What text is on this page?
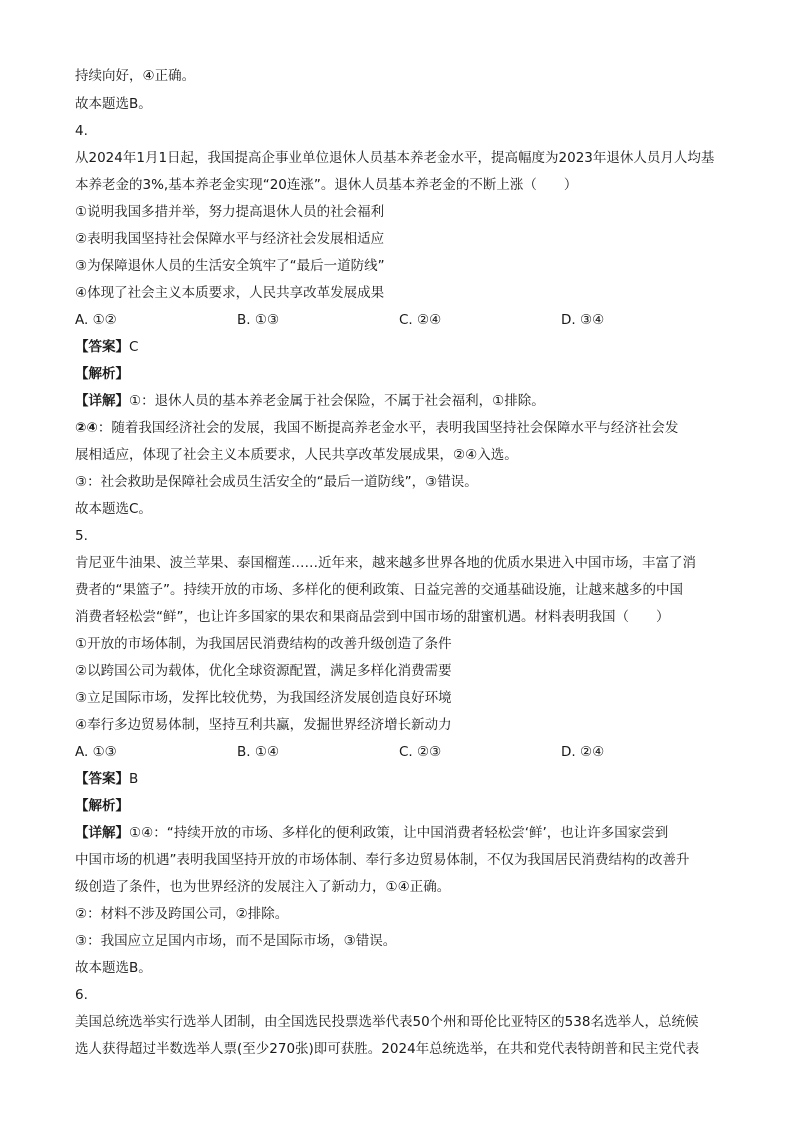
持续向好，④正确。
故本题选B。
4.
从2024年1月1日起，我国提高企事业单位退休人员基本养老金水平，提高幅度为2023年退休人员月人均基
本养老金的3%,基本养老金实现“20连涨”。退休人员基本养老金的不断上涨（　　）
①说明我国多措并举，努力提高退休人员的社会福利
②表明我国坚持社会保障水平与经济社会发展相适应
③为保障退休人员的生活安全筑牢了“最后一道防线”
④体现了社会主义本质要求，人民共享改革发展成果
A. ①②	B. ①③	C. ②④	D. ③④
【答案】C
【解析】
【详解】①：退休人员的基本养老金属于社会保险，不属于社会福利，①排除。
②④：随着我国经济社会的发展，我国不断提高养老金水平，表明我国坚持社会保障水平与经济社会发
展相适应，体现了社会主义本质要求，人民共享改革发展成果，②④入选。
③：社会救助是保障社会成员生活安全的“最后一道防线”，③错误。
故本题选C。
5.
肯尼亚牛油果、波兰苹果、泰国榴莲……近年来，越来越多世界各地的优质水果进入中国市场，丰富了消
费者的“果篮子”。持续开放的市场、多样化的便利政策、日益完善的交通基础设施，让越来越多的中国
消费者轻松尝“鲜”，也让许多国家的果农和果商品尝到中国市场的甜蜜机遇。材料表明我国（　　）
①开放的市场体制，为我国居民消费结构的改善升级创造了条件
②以跨国公司为载体，优化全球资源配置，满足多样化消费需要
③立足国际市场，发挥比较优势，为我国经济发展创造良好环境
④奉行多边贸易体制，坚持互利共赢，发掘世界经济增长新动力
A. ①③	B. ①④	C. ②③	D. ②④
【答案】B
【解析】
【详解】①④：“持续开放的市场、多样化的便利政策，让中国消费者轻松尝‘鲜’，也让许多国家尝到
中国市场的机遇”表明我国坚持开放的市场体制、奉行多边贸易体制，不仅为我国居民消费结构的改善升
级创造了条件，也为世界经济的发展注入了新动力，①④正确。
②：材料不涉及跨国公司，②排除。
③：我国应立足国内市场，而不是国际市场，③错误。
故本题选B。
6.
美国总统选举实行选举人团制，由全国选民投票选举代表50个州和哥伦比亚特区的538名选举人，总统候
选人获得超过半数选举人票(至少270张)即可获胜。2024年总统选举，在共和党代表特朗普和民主党代表
